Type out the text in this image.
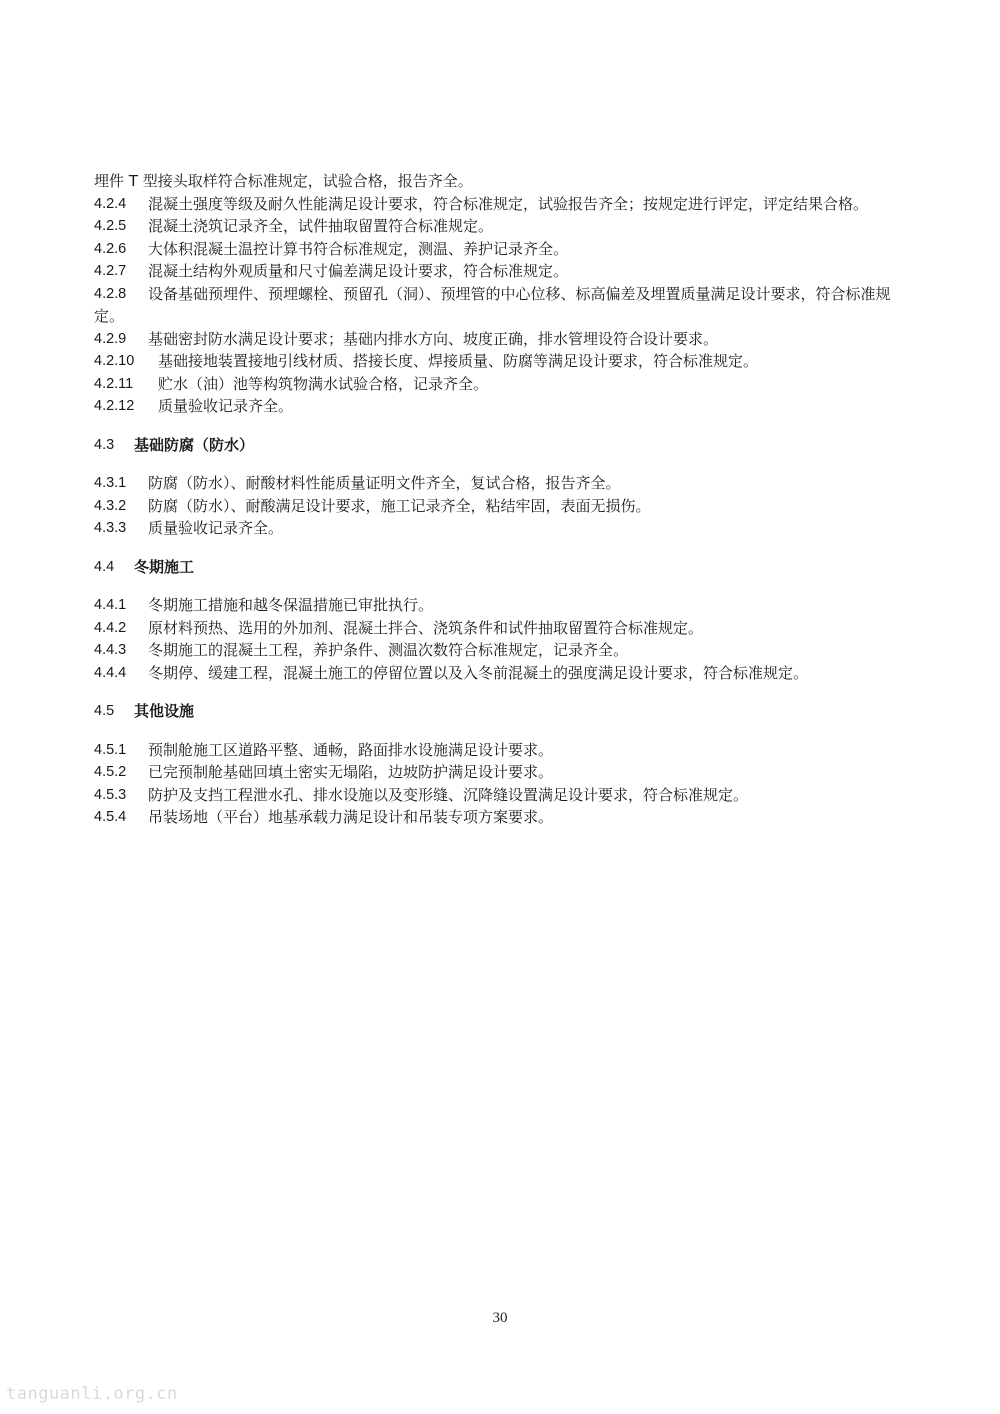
埋件 T 型接头取样符合标准规定，试验合格，报告齐全。

4.2.4	混凝土强度等级及耐久性能满足设计要求，符合标准规定，试验报告齐全；按规定进行评定，评定结果合格。
4.2.5	混凝土浇筑记录齐全，试件抽取留置符合标准规定。
4.2.6	大体积混凝土温控计算书符合标准规定，测温、养护记录齐全。
4.2.7	混凝土结构外观质量和尺寸偏差满足设计要求，符合标准规定。
4.2.8	设备基础预埋件、预埋螺栓、预留孔（洞）、预埋管的中心位移、标高偏差及埋置质量满足设计要求，符合标准规定。
4.2.9	基础密封防水满足设计要求；基础内排水方向、坡度正确，排水管埋设符合设计要求。
4.2.10	基础接地装置接地引线材质、搭接长度、焊接质量、防腐等满足设计要求，符合标准规定。
4.2.11	贮水（油）池等构筑物满水试验合格，记录齐全。
4.2.12	质量验收记录齐全。
4.3	基础防腐（防水）
4.3.1	防腐（防水）、耐酸材料性能质量证明文件齐全，复试合格，报告齐全。
4.3.2	防腐（防水）、耐酸满足设计要求，施工记录齐全，粘结牢固，表面无损伤。
4.3.3	质量验收记录齐全。
4.4	冬期施工
4.4.1	冬期施工措施和越冬保温措施已审批执行。
4.4.2	原材料预热、选用的外加剂、混凝土拌合、浇筑条件和试件抽取留置符合标准规定。
4.4.3	冬期施工的混凝土工程，养护条件、测温次数符合标准规定，记录齐全。
4.4.4	冬期停、缓建工程，混凝土施工的停留位置以及入冬前混凝土的强度满足设计要求，符合标准规定。
4.5	其他设施
4.5.1	预制舱施工区道路平整、通畅，路面排水设施满足设计要求。
4.5.2	已完预制舱基础回填土密实无塌陷，边坡防护满足设计要求。
4.5.3	防护及支挡工程泄水孔、排水设施以及变形缝、沉降缝设置满足设计要求，符合标准规定。
4.5.4	吊装场地（平台）地基承载力满足设计和吊装专项方案要求。
30
tanguanli.org.cn
